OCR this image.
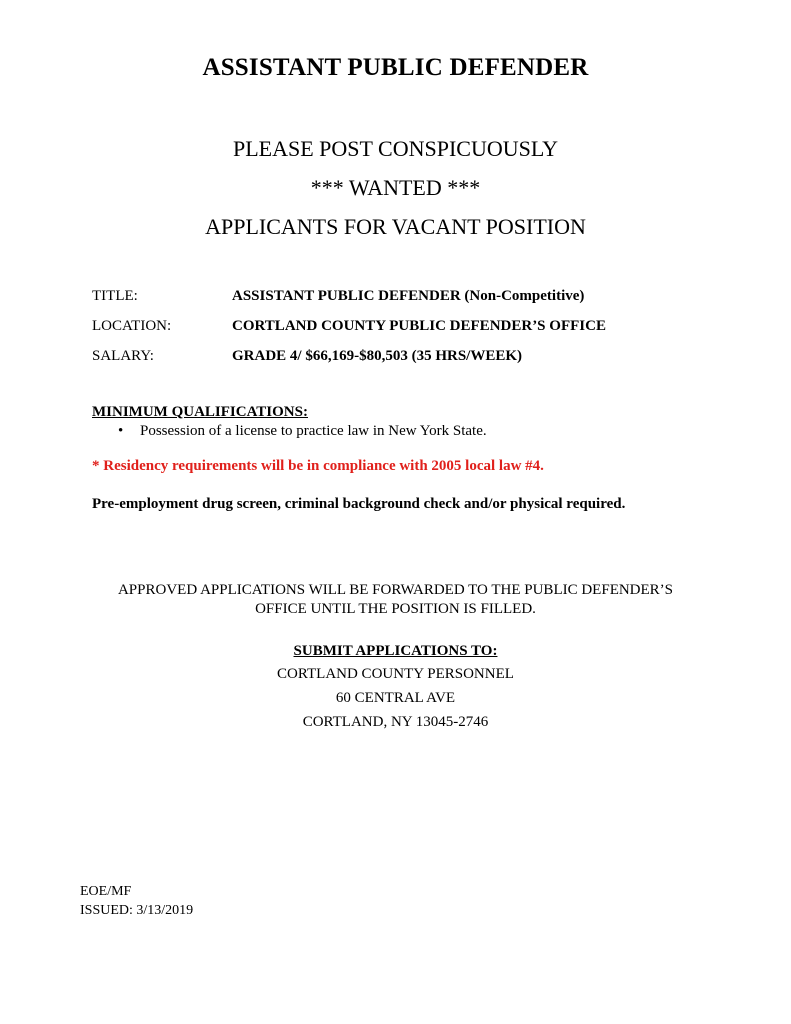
ASSISTANT PUBLIC DEFENDER
PLEASE POST CONSPICUOUSLY
*** WANTED ***
APPLICANTS FOR VACANT POSITION
TITLE:	ASSISTANT PUBLIC DEFENDER (Non-Competitive)
LOCATION:	CORTLAND COUNTY PUBLIC DEFENDER’S OFFICE
SALARY:	GRADE 4/ $66,169-$80,503 (35 HRS/WEEK)
MINIMUM QUALIFICATIONS:
• Possession of a license to practice law in New York State.
* Residency requirements will be in compliance with 2005 local law #4.
Pre-employment drug screen, criminal background check and/or physical required.
APPROVED APPLICATIONS WILL BE FORWARDED TO THE PUBLIC DEFENDER’S
OFFICE UNTIL THE POSITION IS FILLED.
SUBMIT APPLICATIONS TO:
CORTLAND COUNTY PERSONNEL
60 CENTRAL AVE
CORTLAND, NY 13045-2746
EOE/MF
ISSUED: 3/13/2019
